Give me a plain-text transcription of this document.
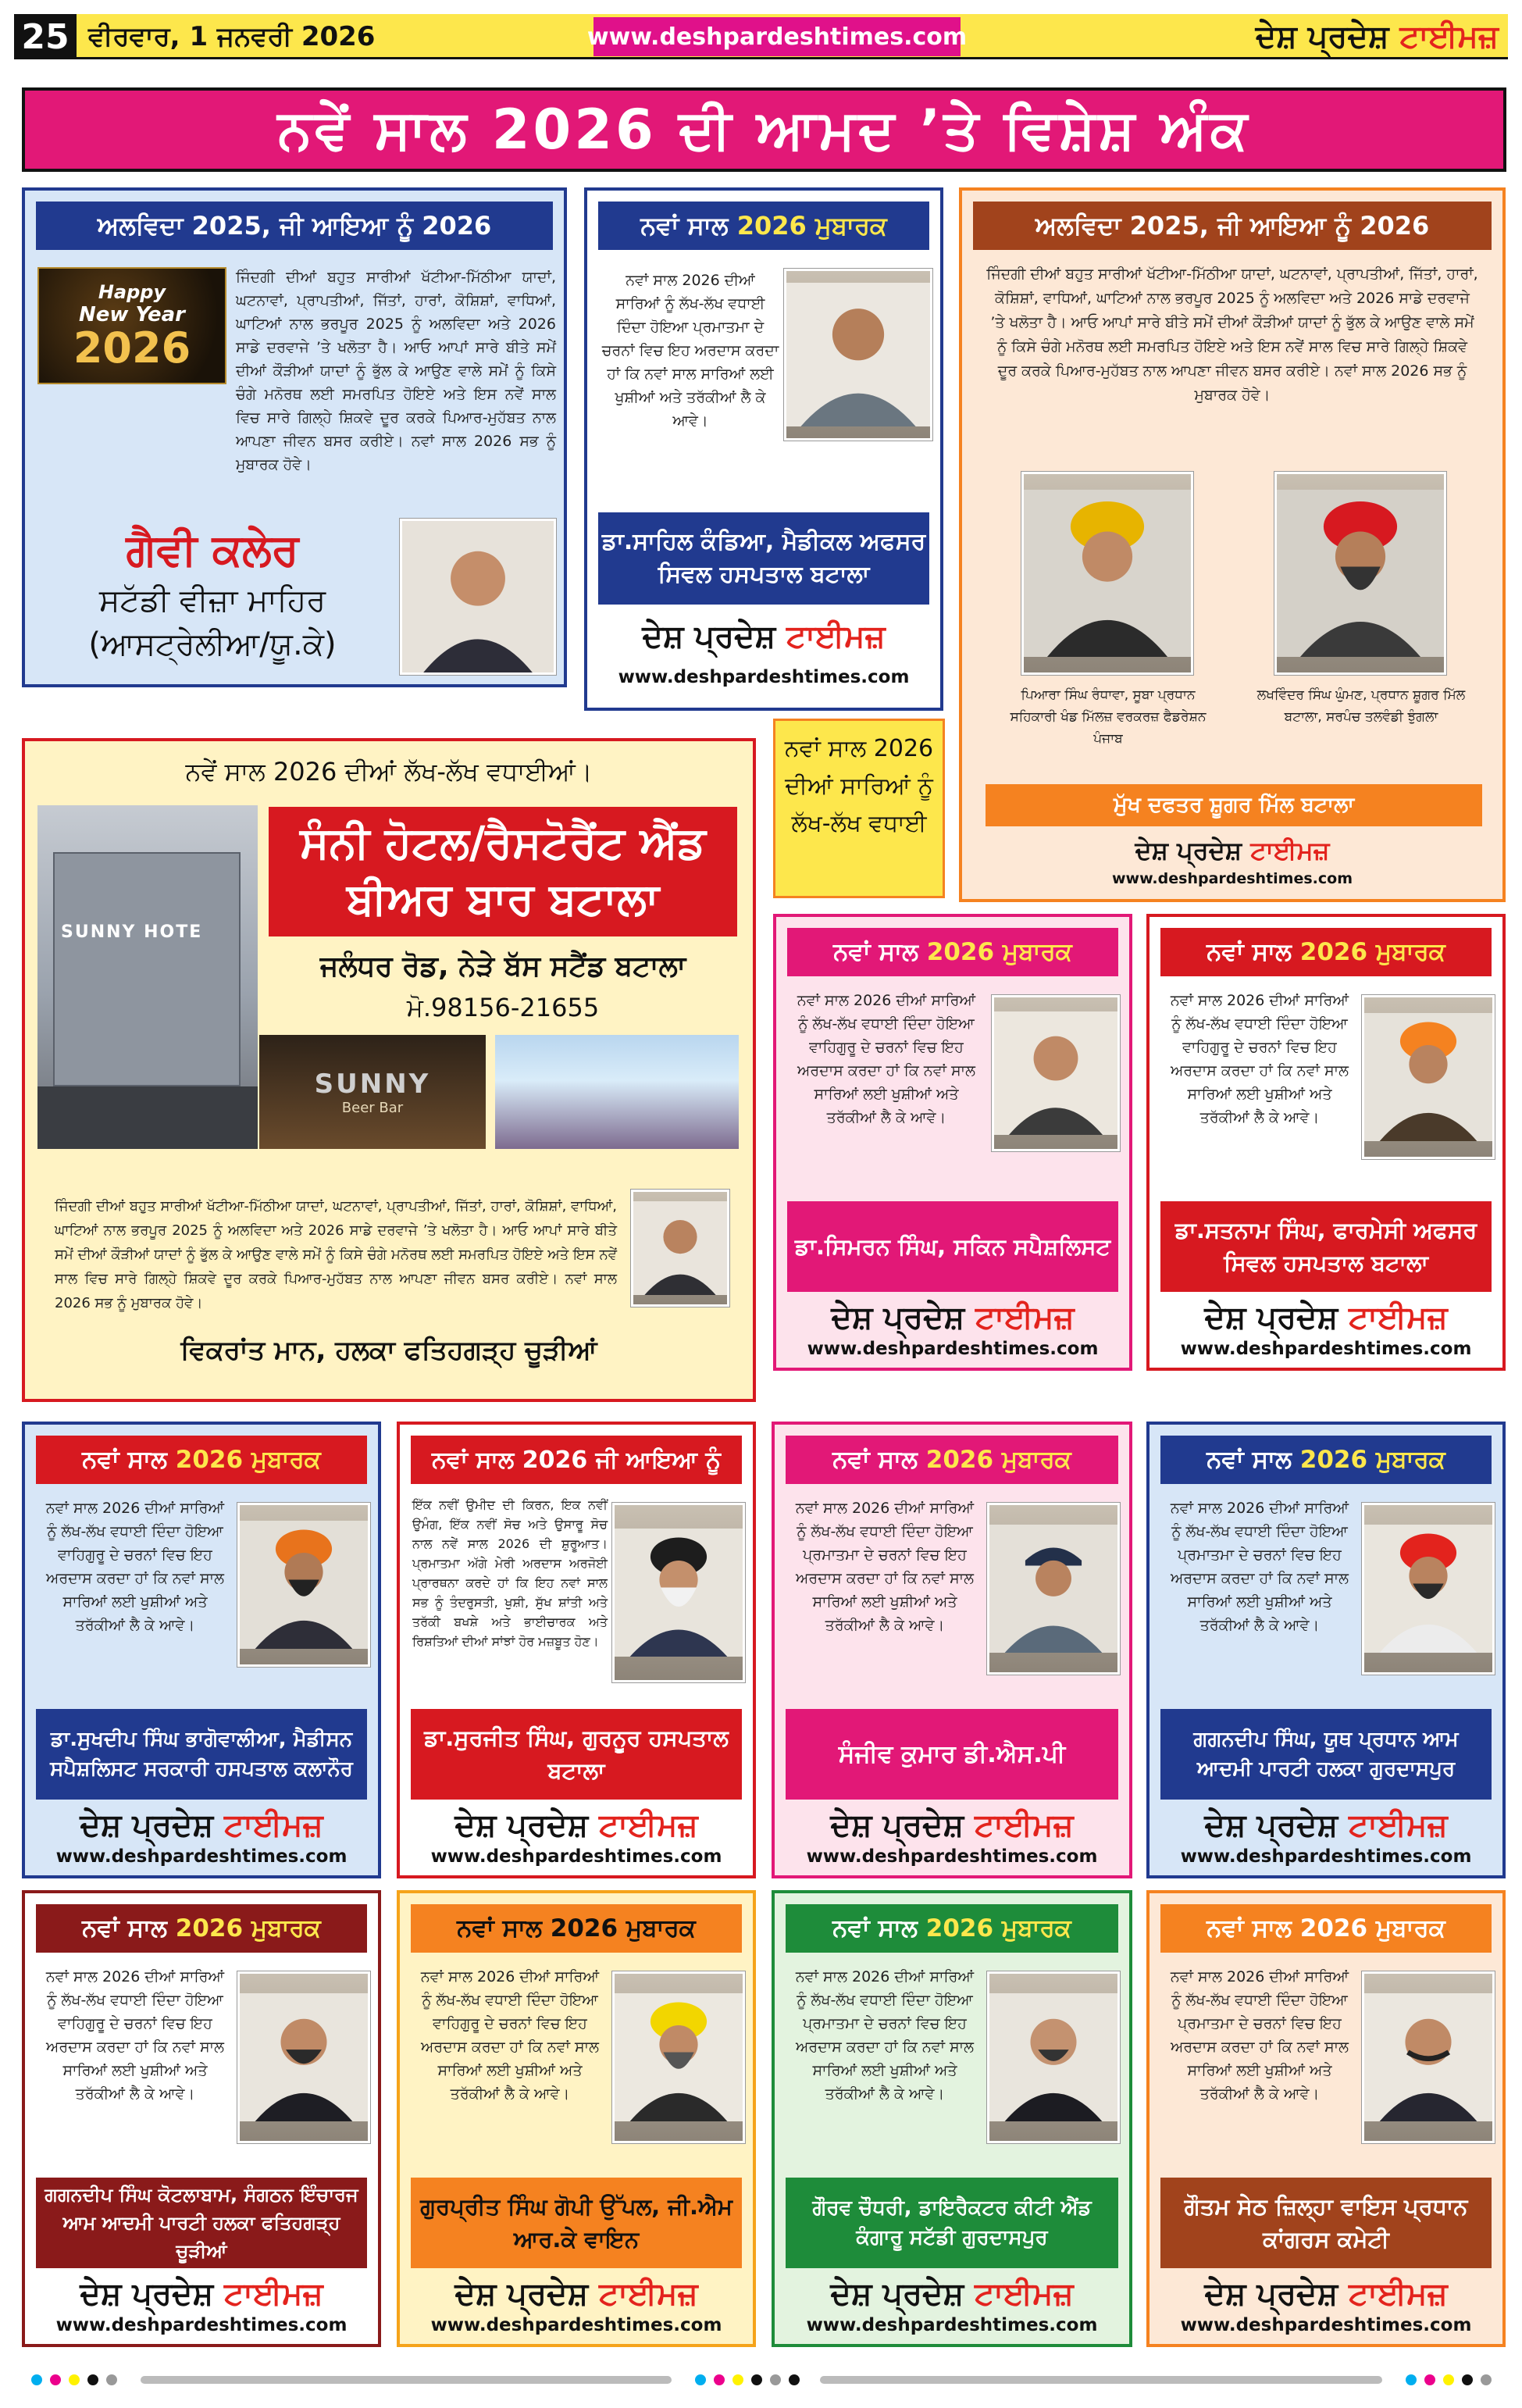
25 ਵੀਰਵਾਰ, 1 ਜਨਵਰੀ 2026	www.deshpardeshtimes.com	ਦੇਸ਼ ਪ੍ਰਦੇਸ਼
ਟਾਈਮਜ਼
ਨਵੇਂ ਸਾਲ 2026 ਦੀ ਆਮਦ ’ਤੇ ਵਿਸ਼ੇਸ਼ ਅੰਕ
ਅਲਵਿਦਾ 2025, ਜੀ ਆਇਆ ਨੂੰ 2026
Happy
New Year
2026
ਜਿੰਦਗੀ ਦੀਆਂ ਬਹੁਤ ਸਾਰੀਆਂ ਖੱਟੀਆ-ਮਿੱਠੀਆ ਯਾਦਾਂ, ਘਟਨਾਵਾਂ, ਪ੍ਰਾਪਤੀਆਂ, ਜਿੱਤਾਂ, ਹਾਰਾਂ, ਕੋਸ਼ਿਸ਼ਾਂ, ਵਾਧਿਆਂ, ਘਾਟਿਆਂ ਨਾਲ ਭਰਪੂਰ 2025 ਨੂੰ ਅਲਵਿਦਾ ਅਤੇ 2026 ਸਾਡੇ ਦਰਵਾਜੇ ’ਤੇ ਖਲੋਤਾ ਹੈ। ਆਓ ਆਪਾਂ ਸਾਰੇ ਬੀਤੇ ਸਮੇਂ ਦੀਆਂ ਕੌੜੀਆਂ ਯਾਦਾਂ ਨੂੰ ਭੁੱਲ ਕੇ ਆਉਣ ਵਾਲੇ ਸਮੇਂ ਨੂੰ ਕਿਸੇ ਚੰਗੇ ਮਨੋਰਥ ਲਈ ਸਮਰਪਿਤ ਹੋਇਏ ਅਤੇ ਇਸ ਨਵੇਂ ਸਾਲ ਵਿਚ ਸਾਰੇ ਗਿਲ੍ਹੇ ਸ਼ਿਕਵੇ ਦੂਰ ਕਰਕੇ ਪਿਆਰ-ਮੁਹੱਬਤ ਨਾਲ ਆਪਣਾ ਜੀਵਨ ਬਸਰ ਕਰੀਏ। ਨਵਾਂ ਸਾਲ 2026 ਸਭ ਨੂੰ ਮੁਬਾਰਕ ਹੋਵੇ।
ਗੈਵੀ ਕਲੇਰ
ਸਟੱਡੀ ਵੀਜ਼ਾ ਮਾਹਿਰ
(ਆਸਟ੍ਰੇਲੀਆ/ਯੂ.ਕੇ)
ਨਵਾਂ ਸਾਲ
2026
ਮੁਬਾਰਕ
ਨਵਾਂ ਸਾਲ 2026 ਦੀਆਂ ਸਾਰਿਆਂ ਨੂੰ ਲੱਖ-ਲੱਖ ਵਧਾਈ ਦਿੰਦਾ ਹੋਇਆ ਪ੍ਰਮਾਤਮਾ ਦੇ ਚਰਨਾਂ ਵਿਚ ਇਹ ਅਰਦਾਸ ਕਰਦਾ ਹਾਂ ਕਿ ਨਵਾਂ ਸਾਲ ਸਾਰਿਆਂ ਲਈ ਖੁਸ਼ੀਆਂ ਅਤੇ ਤਰੱਕੀਆਂ ਲੈ ਕੇ ਆਵੇ।
ਡਾ.ਸਾਹਿਲ ਕੰਡਿਆ, ਮੈਡੀਕਲ ਅਫਸਰ ਸਿਵਲ ਹਸਪਤਾਲ ਬਟਾਲਾ
ਦੇਸ਼ ਪ੍ਰਦੇਸ਼ ਟਾਈਮਜ਼
www.deshpardeshtimes.com
ਅਲਵਿਦਾ 2025, ਜੀ ਆਇਆ ਨੂੰ 2026
ਜਿੰਦਗੀ ਦੀਆਂ ਬਹੁਤ ਸਾਰੀਆਂ ਖੱਟੀਆ-ਮਿੱਠੀਆ ਯਾਦਾਂ, ਘਟਨਾਵਾਂ, ਪ੍ਰਾਪਤੀਆਂ, ਜਿੱਤਾਂ, ਹਾਰਾਂ, ਕੋਸ਼ਿਸ਼ਾਂ, ਵਾਧਿਆਂ, ਘਾਟਿਆਂ ਨਾਲ ਭਰਪੂਰ 2025 ਨੂੰ ਅਲਵਿਦਾ ਅਤੇ 2026 ਸਾਡੇ ਦਰਵਾਜੇ ’ਤੇ ਖਲੋਤਾ ਹੈ। ਆਓ ਆਪਾਂ ਸਾਰੇ ਬੀਤੇ ਸਮੇਂ ਦੀਆਂ ਕੌੜੀਆਂ ਯਾਦਾਂ ਨੂੰ ਭੁੱਲ ਕੇ ਆਉਣ ਵਾਲੇ ਸਮੇਂ ਨੂੰ ਕਿਸੇ ਚੰਗੇ ਮਨੋਰਥ ਲਈ ਸਮਰਪਿਤ ਹੋਇਏ ਅਤੇ ਇਸ ਨਵੇਂ ਸਾਲ ਵਿਚ ਸਾਰੇ ਗਿਲ੍ਹੇ ਸ਼ਿਕਵੇ ਦੂਰ ਕਰਕੇ ਪਿਆਰ-ਮੁਹੱਬਤ ਨਾਲ ਆਪਣਾ ਜੀਵਨ ਬਸਰ ਕਰੀਏ। ਨਵਾਂ ਸਾਲ 2026 ਸਭ ਨੂੰ ਮੁਬਾਰਕ ਹੋਵੇ।
ਪਿਆਰਾ ਸਿੰਘ ਰੰਧਾਵਾ, ਸੂਬਾ ਪ੍ਰਧਾਨ ਸਹਿਕਾਰੀ ਖੰਡ ਮਿੱਲਜ਼ ਵਰਕਰਜ਼ ਫੈਡਰੇਸ਼ਨ ਪੰਜਾਬ
ਲਖਵਿੰਦਰ ਸਿੰਘ ਘੁੰਮਣ, ਪ੍ਰਧਾਨ ਸ਼ੂਗਰ ਮਿੱਲ ਬਟਾਲਾ, ਸਰਪੰਚ ਤਲਵੰਡੀ ਝੁੰਗਲਾ
ਮੁੱਖ ਦਫਤਰ ਸ਼ੂਗਰ ਮਿੱਲ ਬਟਾਲਾ
ਦੇਸ਼ ਪ੍ਰਦੇਸ਼ ਟਾਈਮਜ਼
www.deshpardeshtimes.com
ਨਵੇਂ ਸਾਲ 2026 ਦੀਆਂ ਲੱਖ-ਲੱਖ ਵਧਾਈਆਂ।
SUNNY HOTE
ਸੰਨੀ ਹੋਟਲ/ਰੈਸਟੋਰੈਂਟ ਐਂਡ ਬੀਅਰ ਬਾਰ ਬਟਾਲਾ
ਜਲੰਧਰ ਰੋਡ, ਨੇੜੇ ਬੱਸ ਸਟੈਂਡ ਬਟਾਲਾ
ਮੋ.98156-21655
SUNNY
Beer Bar
ਜਿੰਦਗੀ ਦੀਆਂ ਬਹੁਤ ਸਾਰੀਆਂ ਖੱਟੀਆ-ਮਿੱਠੀਆ ਯਾਦਾਂ, ਘਟਨਾਵਾਂ, ਪ੍ਰਾਪਤੀਆਂ, ਜਿੱਤਾਂ, ਹਾਰਾਂ, ਕੋਸ਼ਿਸ਼ਾਂ, ਵਾਧਿਆਂ, ਘਾਟਿਆਂ ਨਾਲ ਭਰਪੂਰ 2025 ਨੂੰ ਅਲਵਿਦਾ ਅਤੇ 2026 ਸਾਡੇ ਦਰਵਾਜੇ ’ਤੇ ਖਲੋਤਾ ਹੈ। ਆਓ ਆਪਾਂ ਸਾਰੇ ਬੀਤੇ ਸਮੇਂ ਦੀਆਂ ਕੌੜੀਆਂ ਯਾਦਾਂ ਨੂੰ ਭੁੱਲ ਕੇ ਆਉਣ ਵਾਲੇ ਸਮੇਂ ਨੂੰ ਕਿਸੇ ਚੰਗੇ ਮਨੋਰਥ ਲਈ ਸਮਰਪਿਤ ਹੋਇਏ ਅਤੇ ਇਸ ਨਵੇਂ ਸਾਲ ਵਿਚ ਸਾਰੇ ਗਿਲ੍ਹੇ ਸ਼ਿਕਵੇ ਦੂਰ ਕਰਕੇ ਪਿਆਰ-ਮੁਹੱਬਤ ਨਾਲ ਆਪਣਾ ਜੀਵਨ ਬਸਰ ਕਰੀਏ। ਨਵਾਂ ਸਾਲ 2026 ਸਭ ਨੂੰ ਮੁਬਾਰਕ ਹੋਵੇ।
ਵਿਕਰਾਂਤ ਮਾਨ, ਹਲਕਾ ਫਤਿਹਗੜ੍ਹ ਚੂੜੀਆਂ
ਨਵਾਂ ਸਾਲ 2026 ਦੀਆਂ ਸਾਰਿਆਂ ਨੂੰ ਲੱਖ-ਲੱਖ ਵਧਾਈ
ਨਵਾਂ ਸਾਲ
2026
ਮੁਬਾਰਕ
ਨਵਾਂ ਸਾਲ 2026 ਦੀਆਂ ਸਾਰਿਆਂ ਨੂੰ ਲੱਖ-ਲੱਖ ਵਧਾਈ ਦਿੰਦਾ ਹੋਇਆ ਵਾਹਿਗੁਰੂ ਦੇ ਚਰਨਾਂ ਵਿਚ ਇਹ ਅਰਦਾਸ ਕਰਦਾ ਹਾਂ ਕਿ ਨਵਾਂ ਸਾਲ ਸਾਰਿਆਂ ਲਈ ਖੁਸ਼ੀਆਂ ਅਤੇ ਤਰੱਕੀਆਂ ਲੈ ਕੇ ਆਵੇ।
ਡਾ.ਸਿਮਰਨ ਸਿੰਘ, ਸਕਿਨ ਸਪੈਸ਼ਲਿਸਟ
ਦੇਸ਼ ਪ੍ਰਦੇਸ਼ ਟਾਈਮਜ਼
www.deshpardeshtimes.com
ਨਵਾਂ ਸਾਲ
2026
ਮੁਬਾਰਕ
ਨਵਾਂ ਸਾਲ 2026 ਦੀਆਂ ਸਾਰਿਆਂ ਨੂੰ ਲੱਖ-ਲੱਖ ਵਧਾਈ ਦਿੰਦਾ ਹੋਇਆ ਵਾਹਿਗੁਰੂ ਦੇ ਚਰਨਾਂ ਵਿਚ ਇਹ ਅਰਦਾਸ ਕਰਦਾ ਹਾਂ ਕਿ ਨਵਾਂ ਸਾਲ ਸਾਰਿਆਂ ਲਈ ਖੁਸ਼ੀਆਂ ਅਤੇ ਤਰੱਕੀਆਂ ਲੈ ਕੇ ਆਵੇ।
ਡਾ.ਸਤਨਾਮ ਸਿੰਘ, ਫਾਰਮੇਸੀ ਅਫਸਰ ਸਿਵਲ ਹਸਪਤਾਲ ਬਟਾਲਾ
ਦੇਸ਼ ਪ੍ਰਦੇਸ਼ ਟਾਈਮਜ਼
www.deshpardeshtimes.com
ਨਵਾਂ ਸਾਲ
2026
ਮੁਬਾਰਕ
ਨਵਾਂ ਸਾਲ 2026 ਦੀਆਂ ਸਾਰਿਆਂ ਨੂੰ ਲੱਖ-ਲੱਖ ਵਧਾਈ ਦਿੰਦਾ ਹੋਇਆ ਵਾਹਿਗੁਰੂ ਦੇ ਚਰਨਾਂ ਵਿਚ ਇਹ ਅਰਦਾਸ ਕਰਦਾ ਹਾਂ ਕਿ ਨਵਾਂ ਸਾਲ ਸਾਰਿਆਂ ਲਈ ਖੁਸ਼ੀਆਂ ਅਤੇ ਤਰੱਕੀਆਂ ਲੈ ਕੇ ਆਵੇ।
ਡਾ.ਸੁਖਦੀਪ ਸਿੰਘ ਭਾਗੋਵਾਲੀਆ, ਮੈਡੀਸਨ ਸਪੈਸ਼ਲਿਸਟ ਸਰਕਾਰੀ ਹਸਪਤਾਲ ਕਲਾਨੌਰ
ਦੇਸ਼ ਪ੍ਰਦੇਸ਼ ਟਾਈਮਜ਼
www.deshpardeshtimes.com
ਨਵਾਂ ਸਾਲ 2026 ਜੀ ਆਇਆ ਨੂੰ
ਇੱਕ ਨਵੀਂ ਉਮੀਦ ਦੀ ਕਿਰਨ, ਇਕ ਨਵੀਂ ਉਮੰਗ, ਇੱਕ ਨਵੀਂ ਸੋਚ ਅਤੇ ਉਸਾਰੂ ਸੋਚ ਨਾਲ ਨਵੇਂ ਸਾਲ 2026 ਦੀ ਸ਼ੁਰੂਆਤ। ਪ੍ਰਮਾਤਮਾ ਅੱਗੇ ਮੇਰੀ ਅਰਦਾਸ ਅਰਜੋਈ ਪ੍ਰਾਰਥਨਾ ਕਰਦੇ ਹਾਂ ਕਿ ਇਹ ਨਵਾਂ ਸਾਲ ਸਭ ਨੂੰ ਤੰਦਰੁਸਤੀ, ਖੁਸ਼ੀ, ਸੁੱਖ ਸ਼ਾਂਤੀ ਅਤੇ ਤਰੱਕੀ ਬਖਸ਼ੇ ਅਤੇ ਭਾਈਚਾਰਕ ਅਤੇ ਰਿਸ਼ਤਿਆਂ ਦੀਆਂ ਸਾਂਝਾਂ ਹੋਰ ਮਜ਼ਬੂਤ ਹੋਣ।
ਡਾ.ਸੁਰਜੀਤ ਸਿੰਘ, ਗੁਰਨੂਰ ਹਸਪਤਾਲ ਬਟਾਲਾ
ਦੇਸ਼ ਪ੍ਰਦੇਸ਼ ਟਾਈਮਜ਼
www.deshpardeshtimes.com
ਨਵਾਂ ਸਾਲ
2026
ਮੁਬਾਰਕ
ਨਵਾਂ ਸਾਲ 2026 ਦੀਆਂ ਸਾਰਿਆਂ ਨੂੰ ਲੱਖ-ਲੱਖ ਵਧਾਈ ਦਿੰਦਾ ਹੋਇਆ ਪ੍ਰਮਾਤਮਾ ਦੇ ਚਰਨਾਂ ਵਿਚ ਇਹ ਅਰਦਾਸ ਕਰਦਾ ਹਾਂ ਕਿ ਨਵਾਂ ਸਾਲ ਸਾਰਿਆਂ ਲਈ ਖੁਸ਼ੀਆਂ ਅਤੇ ਤਰੱਕੀਆਂ ਲੈ ਕੇ ਆਵੇ।
ਸੰਜੀਵ ਕੁਮਾਰ ਡੀ.ਐਸ.ਪੀ
ਦੇਸ਼ ਪ੍ਰਦੇਸ਼ ਟਾਈਮਜ਼
www.deshpardeshtimes.com
ਨਵਾਂ ਸਾਲ
2026
ਮੁਬਾਰਕ
ਨਵਾਂ ਸਾਲ 2026 ਦੀਆਂ ਸਾਰਿਆਂ ਨੂੰ ਲੱਖ-ਲੱਖ ਵਧਾਈ ਦਿੰਦਾ ਹੋਇਆ ਪ੍ਰਮਾਤਮਾ ਦੇ ਚਰਨਾਂ ਵਿਚ ਇਹ ਅਰਦਾਸ ਕਰਦਾ ਹਾਂ ਕਿ ਨਵਾਂ ਸਾਲ ਸਾਰਿਆਂ ਲਈ ਖੁਸ਼ੀਆਂ ਅਤੇ ਤਰੱਕੀਆਂ ਲੈ ਕੇ ਆਵੇ।
ਗਗਨਦੀਪ ਸਿੰਘ, ਯੂਥ ਪ੍ਰਧਾਨ ਆਮ ਆਦਮੀ ਪਾਰਟੀ ਹਲਕਾ ਗੁਰਦਾਸਪੁਰ
ਦੇਸ਼ ਪ੍ਰਦੇਸ਼ ਟਾਈਮਜ਼
www.deshpardeshtimes.com
ਨਵਾਂ ਸਾਲ
2026
ਮੁਬਾਰਕ
ਨਵਾਂ ਸਾਲ 2026 ਦੀਆਂ ਸਾਰਿਆਂ ਨੂੰ ਲੱਖ-ਲੱਖ ਵਧਾਈ ਦਿੰਦਾ ਹੋਇਆ ਵਾਹਿਗੁਰੂ ਦੇ ਚਰਨਾਂ ਵਿਚ ਇਹ ਅਰਦਾਸ ਕਰਦਾ ਹਾਂ ਕਿ ਨਵਾਂ ਸਾਲ ਸਾਰਿਆਂ ਲਈ ਖੁਸ਼ੀਆਂ ਅਤੇ ਤਰੱਕੀਆਂ ਲੈ ਕੇ ਆਵੇ।
ਗਗਨਦੀਪ ਸਿੰਘ ਕੋਟਲਾਬਾਮ, ਸੰਗਠਨ ਇੰਚਾਰਜ ਆਮ ਆਦਮੀ ਪਾਰਟੀ ਹਲਕਾ ਫਤਿਹਗੜ੍ਹ ਚੂੜੀਆਂ
ਦੇਸ਼ ਪ੍ਰਦੇਸ਼ ਟਾਈਮਜ਼
www.deshpardeshtimes.com
ਨਵਾਂ ਸਾਲ
2026
ਮੁਬਾਰਕ
ਨਵਾਂ ਸਾਲ 2026 ਦੀਆਂ ਸਾਰਿਆਂ ਨੂੰ ਲੱਖ-ਲੱਖ ਵਧਾਈ ਦਿੰਦਾ ਹੋਇਆ ਵਾਹਿਗੁਰੂ ਦੇ ਚਰਨਾਂ ਵਿਚ ਇਹ ਅਰਦਾਸ ਕਰਦਾ ਹਾਂ ਕਿ ਨਵਾਂ ਸਾਲ ਸਾਰਿਆਂ ਲਈ ਖੁਸ਼ੀਆਂ ਅਤੇ ਤਰੱਕੀਆਂ ਲੈ ਕੇ ਆਵੇ।
ਗੁਰਪ੍ਰੀਤ ਸਿੰਘ ਗੋਪੀ ਉੱਪਲ, ਜੀ.ਐਮ ਆਰ.ਕੇ ਵਾਇਨ
ਦੇਸ਼ ਪ੍ਰਦੇਸ਼ ਟਾਈਮਜ਼
www.deshpardeshtimes.com
ਨਵਾਂ ਸਾਲ
2026
ਮੁਬਾਰਕ
ਨਵਾਂ ਸਾਲ 2026 ਦੀਆਂ ਸਾਰਿਆਂ ਨੂੰ ਲੱਖ-ਲੱਖ ਵਧਾਈ ਦਿੰਦਾ ਹੋਇਆ ਪ੍ਰਮਾਤਮਾ ਦੇ ਚਰਨਾਂ ਵਿਚ ਇਹ ਅਰਦਾਸ ਕਰਦਾ ਹਾਂ ਕਿ ਨਵਾਂ ਸਾਲ ਸਾਰਿਆਂ ਲਈ ਖੁਸ਼ੀਆਂ ਅਤੇ ਤਰੱਕੀਆਂ ਲੈ ਕੇ ਆਵੇ।
ਗੌਰਵ ਚੌਧਰੀ, ਡਾਇਰੈਕਟਰ ਕੀਟੀ ਐਂਡ ਕੰਗਾਰੂ ਸਟੱਡੀ ਗੁਰਦਾਸਪੁਰ
ਦੇਸ਼ ਪ੍ਰਦੇਸ਼ ਟਾਈਮਜ਼
www.deshpardeshtimes.com
ਨਵਾਂ ਸਾਲ
2026
ਮੁਬਾਰਕ
ਨਵਾਂ ਸਾਲ 2026 ਦੀਆਂ ਸਾਰਿਆਂ ਨੂੰ ਲੱਖ-ਲੱਖ ਵਧਾਈ ਦਿੰਦਾ ਹੋਇਆ ਪ੍ਰਮਾਤਮਾ ਦੇ ਚਰਨਾਂ ਵਿਚ ਇਹ ਅਰਦਾਸ ਕਰਦਾ ਹਾਂ ਕਿ ਨਵਾਂ ਸਾਲ ਸਾਰਿਆਂ ਲਈ ਖੁਸ਼ੀਆਂ ਅਤੇ ਤਰੱਕੀਆਂ ਲੈ ਕੇ ਆਵੇ।
ਗੌਤਮ ਸੇਠ ਜ਼ਿਲ੍ਹਾ ਵਾਇਸ ਪ੍ਰਧਾਨ ਕਾਂਗਰਸ ਕਮੇਟੀ
ਦੇਸ਼ ਪ੍ਰਦੇਸ਼ ਟਾਈਮਜ਼
www.deshpardeshtimes.com
